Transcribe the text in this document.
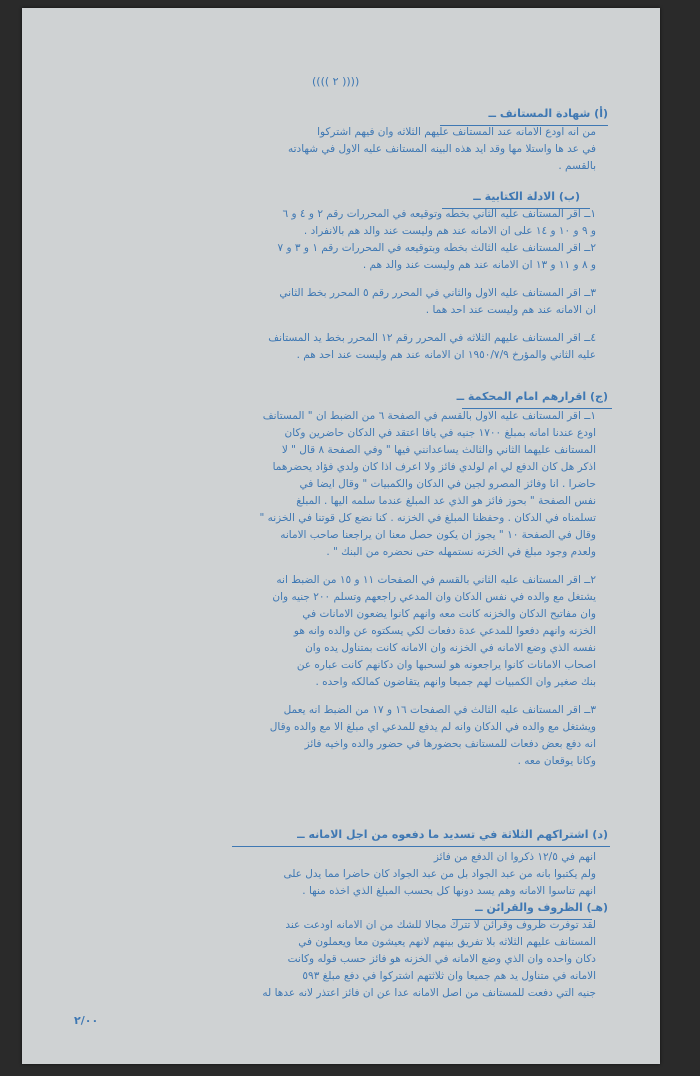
(((( ٢ ))))
(أ) شهادة المستانف ــ
من انه اودع الامانه عند المستانف عليهم الثلاثه وان فيهم اشتركوا
في عد ها واستلا مها وقد ايد هذه البينه المستانف عليه الاول في شهادته
بالقسم .
(ب) الادلة الكتابية ــ
١ــ اقر المستانف عليه الثاني بخطه وتوقيعه في المحررات رقم ٢ و ٤ و ٦
و ٩ و ١٠ و ١٤ على ان الامانه عند هم وليست عند والد هم بالانفراد .
٢ــ اقر المستانف عليه الثالث بخطه وبتوقيعه في المحررات رقم ١ و ٣ و ٧
و ٨ و ١١ و ١٣ ان الامانه عند هم وليست عند والد هم .
٣ــ اقر المستانف عليه الاول والثاني في المحرر رقم ٥ المحرر بخط الثاني
ان الامانه عند هم وليست عند احد هما .
٤ــ اقر المستانف عليهم الثلاثه في المحرر رقم ١٢ المحرر بخط يد المستانف
عليه الثاني والمؤرخ ١٩٥٠/٧/٩ ان الامانه عند هم وليست عند احد هم .
(ج) اقرارهم امام المحكمة ــ
١ــ اقر المستانف عليه الاول بالقسم في الصفحة ٦ من الضبط ان " المستانف
اودع عندنا امانه بمبلغ ١٧٠٠ جنيه في يافا اعتقد في الدكان حاضرين وكان
المستانف عليهما الثاني والثالث يساعدانني فيها " وفي الصفحة ٨ قال " لا
اذكر هل كان الدفع لي ام لولدي فائز ولا اعرف اذا كان ولدي فؤاد يحضرهما
حاضرا . انا وفائز المصرو لجين في الدكان والكمبيات " وقال ايضا في
نفس الصفحة " بحوز فائز هو الذي عد المبلغ عندما سلمه اليها . المبلغ
تسلمناه في الدكان . وحفظنا المبلغ في الخزنه . كنا نضع كل قوتنا في الخزنه "
وقال في الصفحة ١٠ " يجوز ان يكون حصل معنا ان يراجعنا صاحب الامانه
ولعدم وجود مبلغ في الخزنه نستمهله حتى نحضره من البنك " .
٢ــ اقر المستانف عليه الثاني بالقسم في الصفحات ١١ و ١٥ من الضبط انه
يشتغل مع والده في نفس الدكان وان المدعي راجعهم وتسلم ٢٠٠ جنيه وان
وان مفاتيح الدكان والخزنه كانت معه وانهم كانوا يضعون الامانات في
الخزنه وانهم دفعوا للمدعي عدة دفعات لكي يسكتوه عن والده وانه هو
نفسه الذي وضع الامانه في الخزنه وان الامانه كانت بمتناول يده وان
اصحاب الامانات كانوا يراجعونه هو لسحبها وان دكانهم كانت عباره عن
بنك صغير وان الكمبيات لهم جميعا وانهم يتقاضون كمالكه واحده .
٣ــ اقر المستانف عليه الثالث في الصفحات ١٦ و ١٧ من الضبط انه يعمل
ويشتغل مع والده في الدكان وانه لم يدفع للمدعي اي مبلغ الا مع والده وقال
انه دفع بعض دفعات للمستانف بحضورها في حضور والده واخيه فائز
وكانا يوقعان معه .
(د) اشتراكهم الثلاثة في تسديد ما دفعوه من اجل الامانه ــ
انهم في ١٢/٥ ذكروا ان الدفع من فائز
ولم يكتبوا بانه من عبد الجواد بل من عبد الجواد كان حاضرا مما يدل على
انهم تناسوا الامانه وهم يسد دونها كل بحسب المبلغ الذي اخذه منها .
(هـ) الظروف والقرائن ــ
لقد توفرت ظروف وقرائن لا تترك مجالا للشك من ان الامانه اودعت عند
المستانف عليهم الثلاثه بلا تفريق بينهم لانهم يعيشون معا ويعملون في
دكان واحده وان الذي وضع الامانه في الخزنه هو فائز حسب قوله وكانت
الامانه في متناول يد هم جميعا وان ثلاثتهم اشتركوا في دفع مبلغ ٥٩٣
جنيه التي دفعت للمستانف من اصل الامانه عدا عن ان فائز اعتذر لانه عدها له
٢/٠٠
